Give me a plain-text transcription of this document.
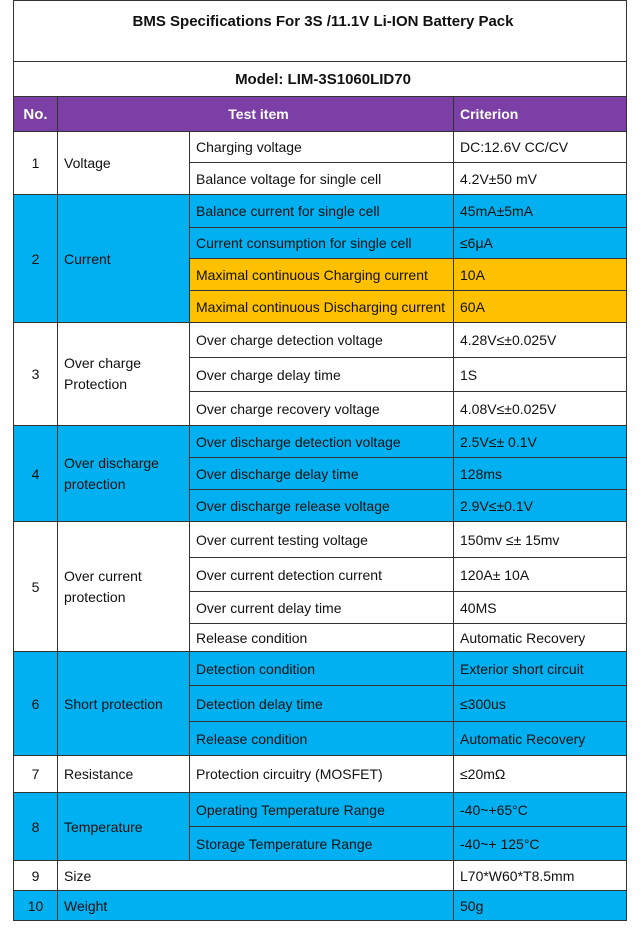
BMS Specifications For 3S /11.1V Li-ION Battery Pack			
Model: LIM-3S1060LID70			
No.	Test item		Criterion
1	Voltage	Charging voltage	DC:12.6V CC/CV
		Balance voltage for single cell	4.2V±50 mV
2	Current	Balance current for single cell	45mA±5mA
		Current consumption for single cell	≤6μA
		Maximal continuous Charging current	10A
		Maximal continuous Discharging current	60A
3	Over charge Protection	Over charge detection voltage	4.28V≤±0.025V
		Over charge delay time	1S
		Over charge recovery voltage	4.08V≤±0.025V
4	Over discharge protection	Over discharge detection voltage	2.5V≤± 0.1V
		Over discharge delay time	128ms
		Over discharge release voltage	2.9V≤±0.1V
5	Over current protection	Over current testing voltage	150mv ≤± 15mv
		Over current detection current	120A± 10A
		Over current delay time	40MS
		Release condition	Automatic Recovery
6	Short protection	Detection condition	Exterior short circuit
		Detection delay time	≤300us
		Release condition	Automatic Recovery
7	Resistance	Protection circuitry (MOSFET)	≤20mΩ
8	Temperature	Operating Temperature Range	-40~+65°C
		Storage Temperature Range	-40~+ 125°C
9	Size		L70*W60*T8.5mm
10	Weight		50g
